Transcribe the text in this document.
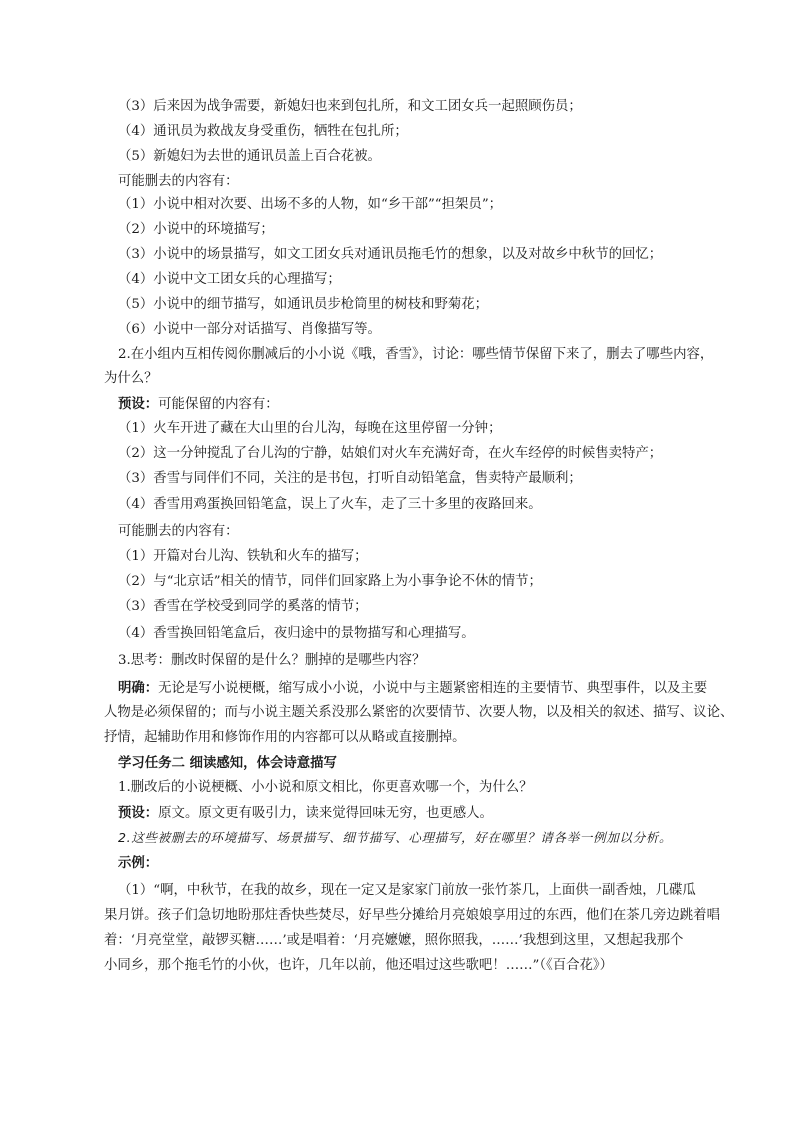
（3）后来因为战争需要，新媳妇也来到包扎所，和文工团女兵一起照顾伤员；
（4）通讯员为救战友身受重伤，牺牲在包扎所；
（5）新媳妇为去世的通讯员盖上百合花被。
可能删去的内容有：
（1）小说中相对次要、出场不多的人物，如“乡干部”“担架员”；
（2）小说中的环境描写；
（3）小说中的场景描写，如文工团女兵对通讯员拖毛竹的想象，以及对故乡中秋节的回忆；
（4）小说中文工团女兵的心理描写；
（5）小说中的细节描写，如通讯员步枪筒里的树枝和野菊花；
（6）小说中一部分对话描写、肖像描写等。
2.在小组内互相传阅你删减后的小小说《哦，香雪》，讨论：哪些情节保留下来了，删去了哪些内容，
为什么？
预设：可能保留的内容有：
（1）火车开进了藏在大山里的台儿沟，每晚在这里停留一分钟；
（2）这一分钟搅乱了台儿沟的宁静，姑娘们对火车充满好奇，在火车经停的时候售卖特产；
（3）香雪与同伴们不同，关注的是书包，打听自动铅笔盒，售卖特产最顺利；
（4）香雪用鸡蛋换回铅笔盒，误上了火车，走了三十多里的夜路回来。
可能删去的内容有：
（1）开篇对台儿沟、铁轨和火车的描写；
（2）与“北京话”相关的情节，同伴们回家路上为小事争论不休的情节；
（3）香雪在学校受到同学的奚落的情节；
（4）香雪换回铅笔盒后，夜归途中的景物描写和心理描写。
3.思考：删改时保留的是什么？删掉的是哪些内容？
明确：无论是写小说梗概，缩写成小小说，小说中与主题紧密相连的主要情节、典型事件，以及主要
人物是必须保留的；而与小说主题关系没那么紧密的次要情节、次要人物，以及相关的叙述、描写、议论、
抒情，起辅助作用和修饰作用的内容都可以从略或直接删掉。
学习任务二 细读感知，体会诗意描写
1.删改后的小说梗概、小小说和原文相比，你更喜欢哪一个，为什么？
预设：原文。原文更有吸引力，读来觉得回味无穷，也更感人。
2.这些被删去的环境描写、场景描写、细节描写、心理描写，好在哪里？请各举一例加以分析。
示例：
（1）“啊，中秋节，在我的故乡，现在一定又是家家门前放一张竹茶几，上面供一副香烛，几碟瓜
果月饼。孩子们急切地盼那炷香快些焚尽，好早些分摊给月亮娘娘享用过的东西，他们在茶几旁边跳着唱
着：‘月亮堂堂，敲锣买糖……’或是唱着：‘月亮嬷嬷，照你照我，……’我想到这里，又想起我那个
小同乡，那个拖毛竹的小伙，也许，几年以前，他还唱过这些歌吧！……”（《百合花》）
